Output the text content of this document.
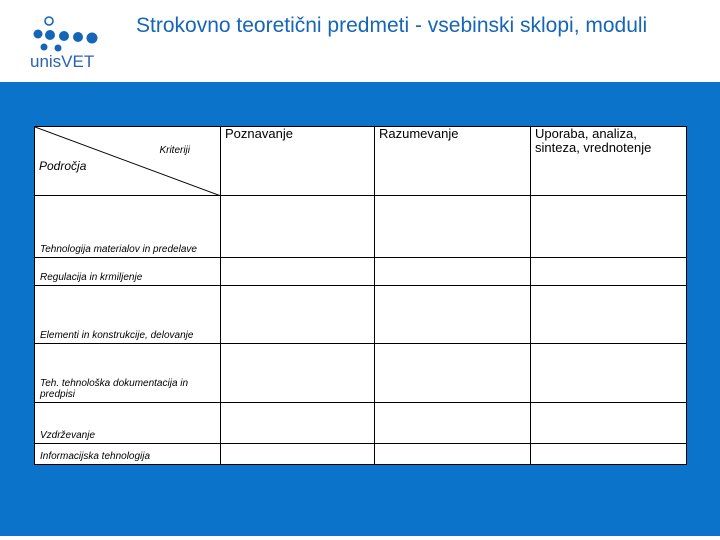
unisVET
Strokovno teoretični predmeti - vsebinski sklopi, moduli
Kriteriji
Področja	Poznavanje	Razumevanje	Uporaba, analiza, sinteza, vrednotenje

Tehnologija materialov in predelave			

Regulacija in krmiljenje			

Elementi in konstrukcije, delovanje			

Teh. tehnološka dokumentacija in predpisi			

Vzdrževanje			

Informacijska tehnologija			
